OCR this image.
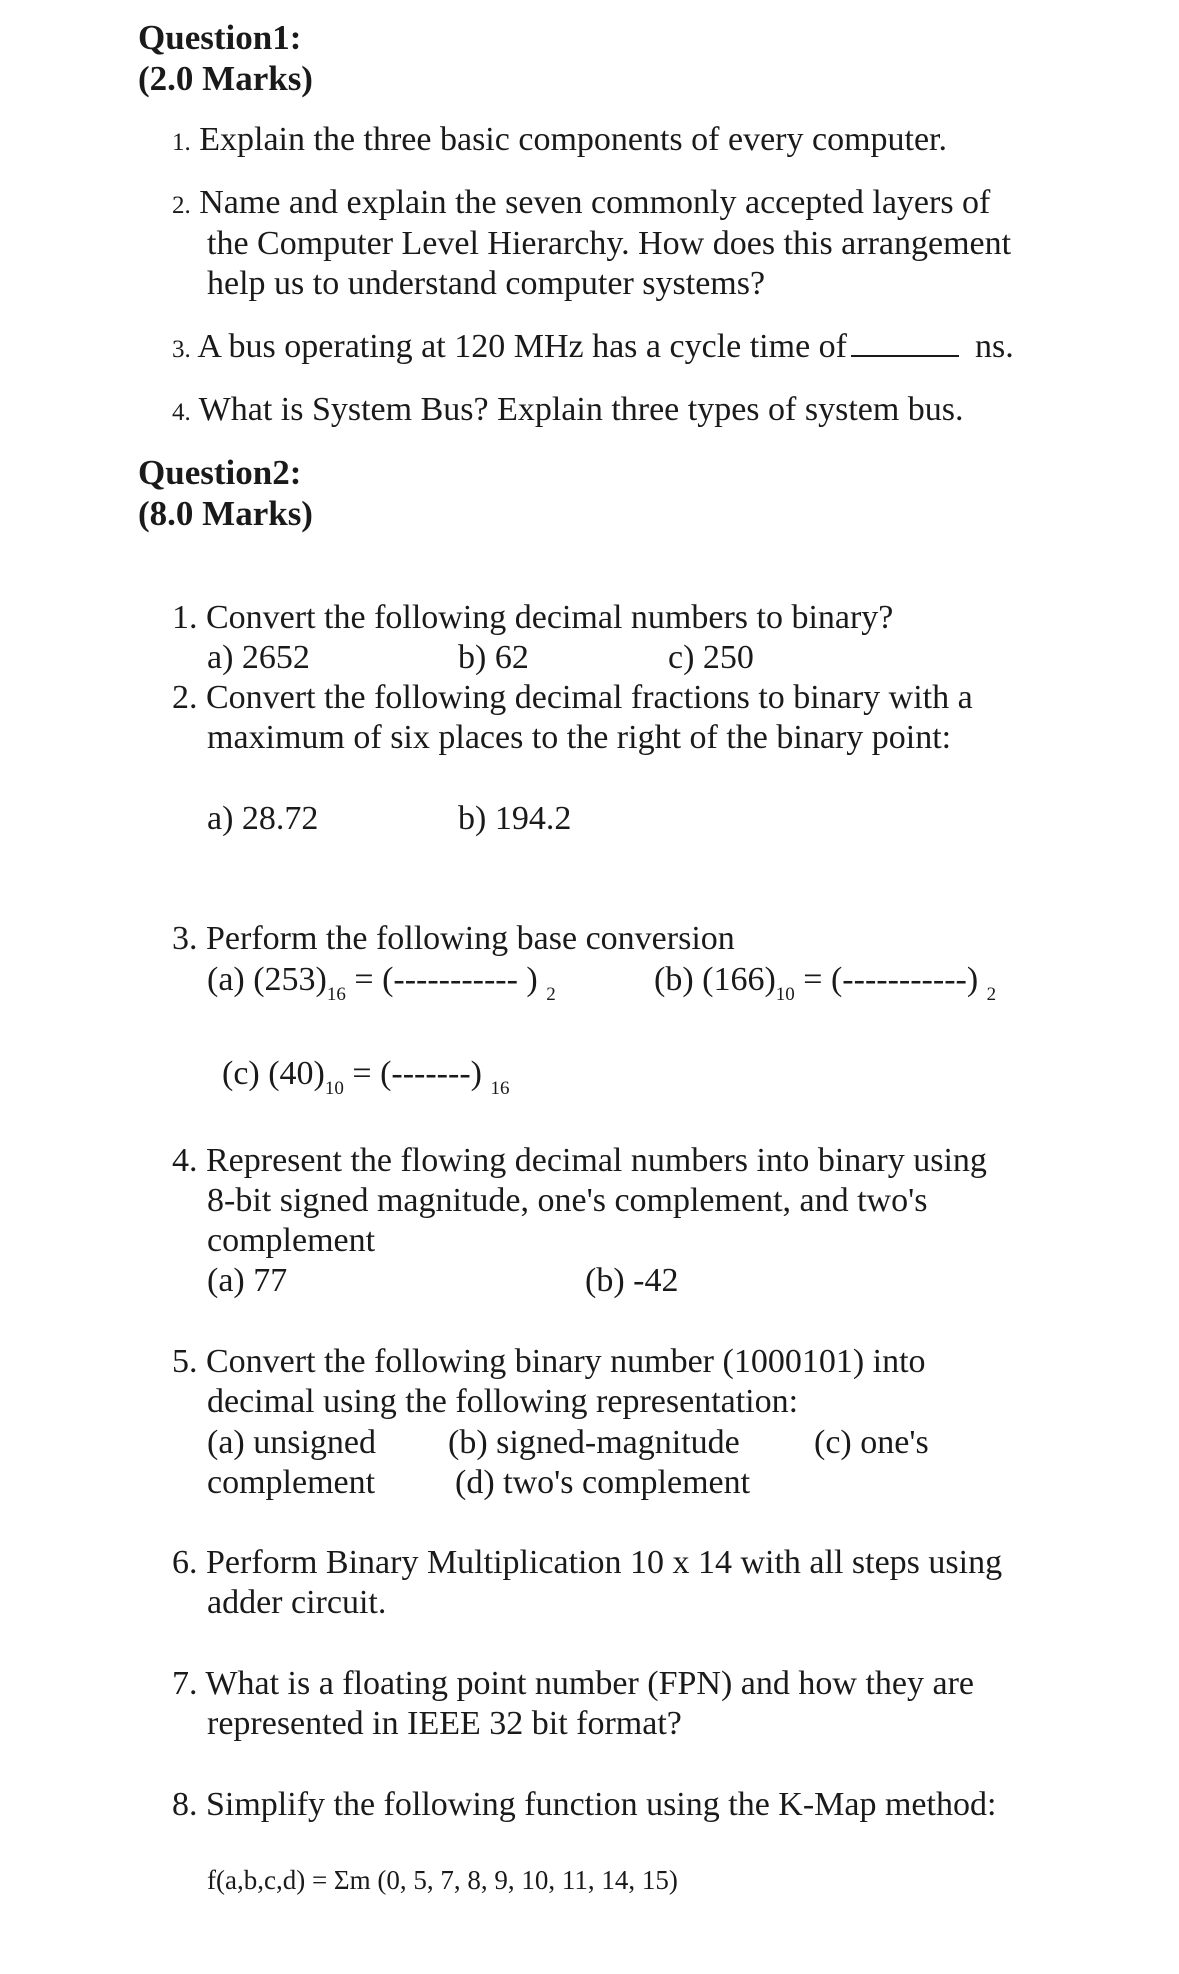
Question1:
(2.0 Marks)
1. Explain the three basic components of every computer.
2. Name and explain the seven commonly accepted layers of
the Computer Level Hierarchy. How does this arrangement
help us to understand computer systems?
3. A bus operating at 120 MHz has a cycle time of	ns.
4. What is System Bus? Explain three types of system bus.
Question2:
(8.0 Marks)
1. Convert the following decimal numbers to binary?
a) 2652	b) 62	c) 250
2. Convert the following decimal fractions to binary with a
maximum of six places to the right of the binary point:
a) 28.72	b) 194.2
3. Perform the following base conversion
(a) $(253)_{16}$ = (----------- ) $_2$	(b) $(166)_{10}$ = (-----------) $_2$
(c) $(40)_{10}$ = (-------) $_{16}$
4. Represent the flowing decimal numbers into binary using
8-bit signed magnitude, one's complement, and two's
complement
(a) 77	(b) -42
5. Convert the following binary number (1000101) into
decimal using the following representation:
(a) unsigned (b) signed-magnitude (c) one's
complement (d) two's complement
6. Perform Binary Multiplication 10 x 14 with all steps using
adder circuit.
7. What is a floating point number (FPN) and how they are
represented in IEEE 32 bit format?
8. Simplify the following function using the K-Map method:
f(a,b,c,d) = Σm (0, 5, 7, 8, 9, 10, 11, 14, 15)
